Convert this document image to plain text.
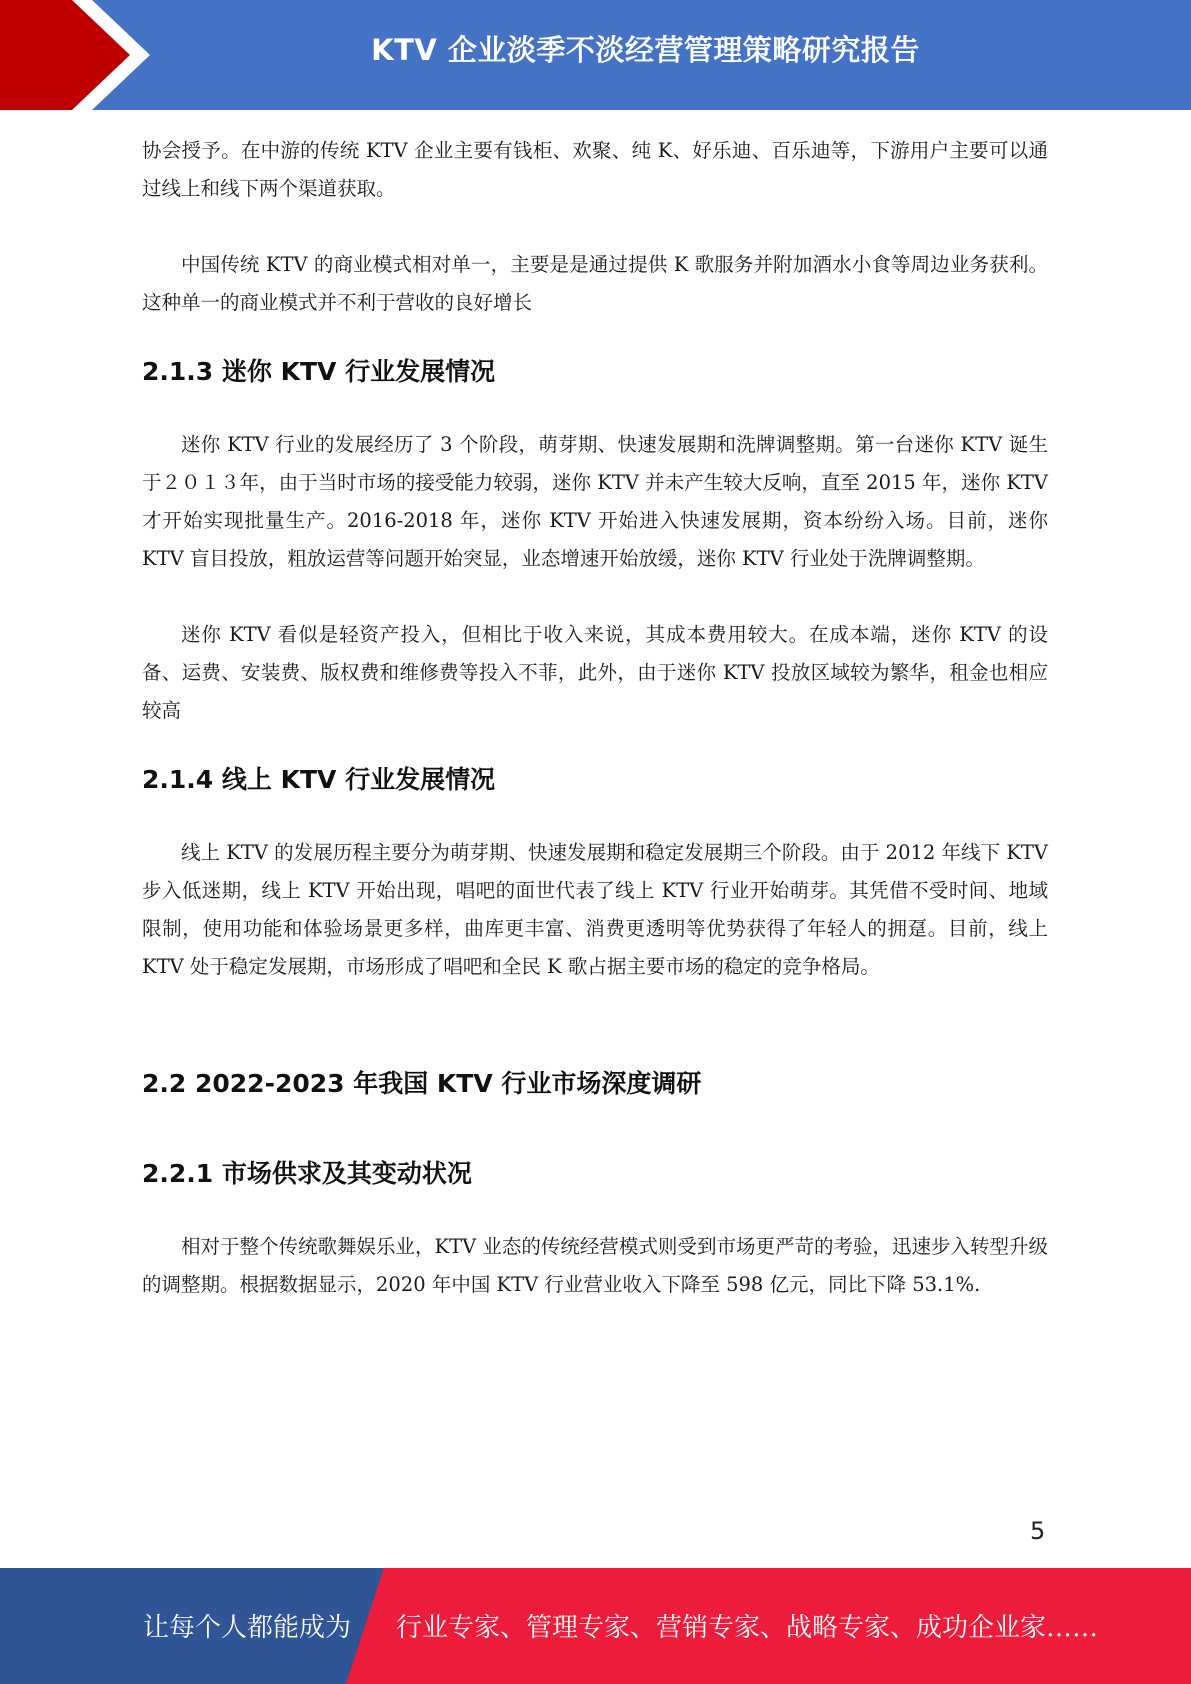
KTV 企业淡季不淡经营管理策略研究报告

协会授予。在中游的传统 KTV 企业主要有钱柜、欢聚、纯 K、好乐迪、百乐迪等，下游用户主要可以通过线上和线下两个渠道获取。

中国传统 KTV 的商业模式相对单一，主要是是通过提供 K 歌服务并附加酒水小食等周边业务获利。这种单一的商业模式并不利于营收的良好增长

2.1.3 迷你 KTV 行业发展情况

迷你 KTV 行业的发展经历了 3 个阶段，萌芽期、快速发展期和洗牌调整期。第一台迷你 KTV 诞生于２０１３年，由于当时市场的接受能力较弱，迷你 KTV 并未产生较大反响，直至 2015 年，迷你 KTV 才开始实现批量生产。2016-2018 年，迷你 KTV 开始进入快速发展期，资本纷纷入场。目前，迷你 KTV 盲目投放，粗放运营等问题开始突显，业态增速开始放缓，迷你 KTV 行业处于洗牌调整期。

迷你 KTV 看似是轻资产投入，但相比于收入来说，其成本费用较大。在成本端，迷你 KTV 的设备、运费、安装费、版权费和维修费等投入不菲，此外，由于迷你 KTV 投放区域较为繁华，租金也相应较高

2.1.4 线上 KTV 行业发展情况

线上 KTV 的发展历程主要分为萌芽期、快速发展期和稳定发展期三个阶段。由于 2012 年线下 KTV 步入低迷期，线上 KTV 开始出现，唱吧的面世代表了线上 KTV 行业开始萌芽。其凭借不受时间、地域限制，使用功能和体验场景更多样，曲库更丰富、消费更透明等优势获得了年轻人的拥趸。目前，线上 KTV 处于稳定发展期，市场形成了唱吧和全民 K 歌占据主要市场的稳定的竞争格局。

2.2 2022-2023 年我国 KTV 行业市场深度调研
2.2.1 市场供求及其变动状况

相对于整个传统歌舞娱乐业，KTV 业态的传统经营模式则受到市场更严苛的考验，迅速步入转型升级的调整期。根据数据显示，2020 年中国 KTV 行业营业收入下降至 598 亿元，同比下降 53.1%.

5
让每个人都能成为 行业专家、管理专家、营销专家、战略专家、成功企业家……
